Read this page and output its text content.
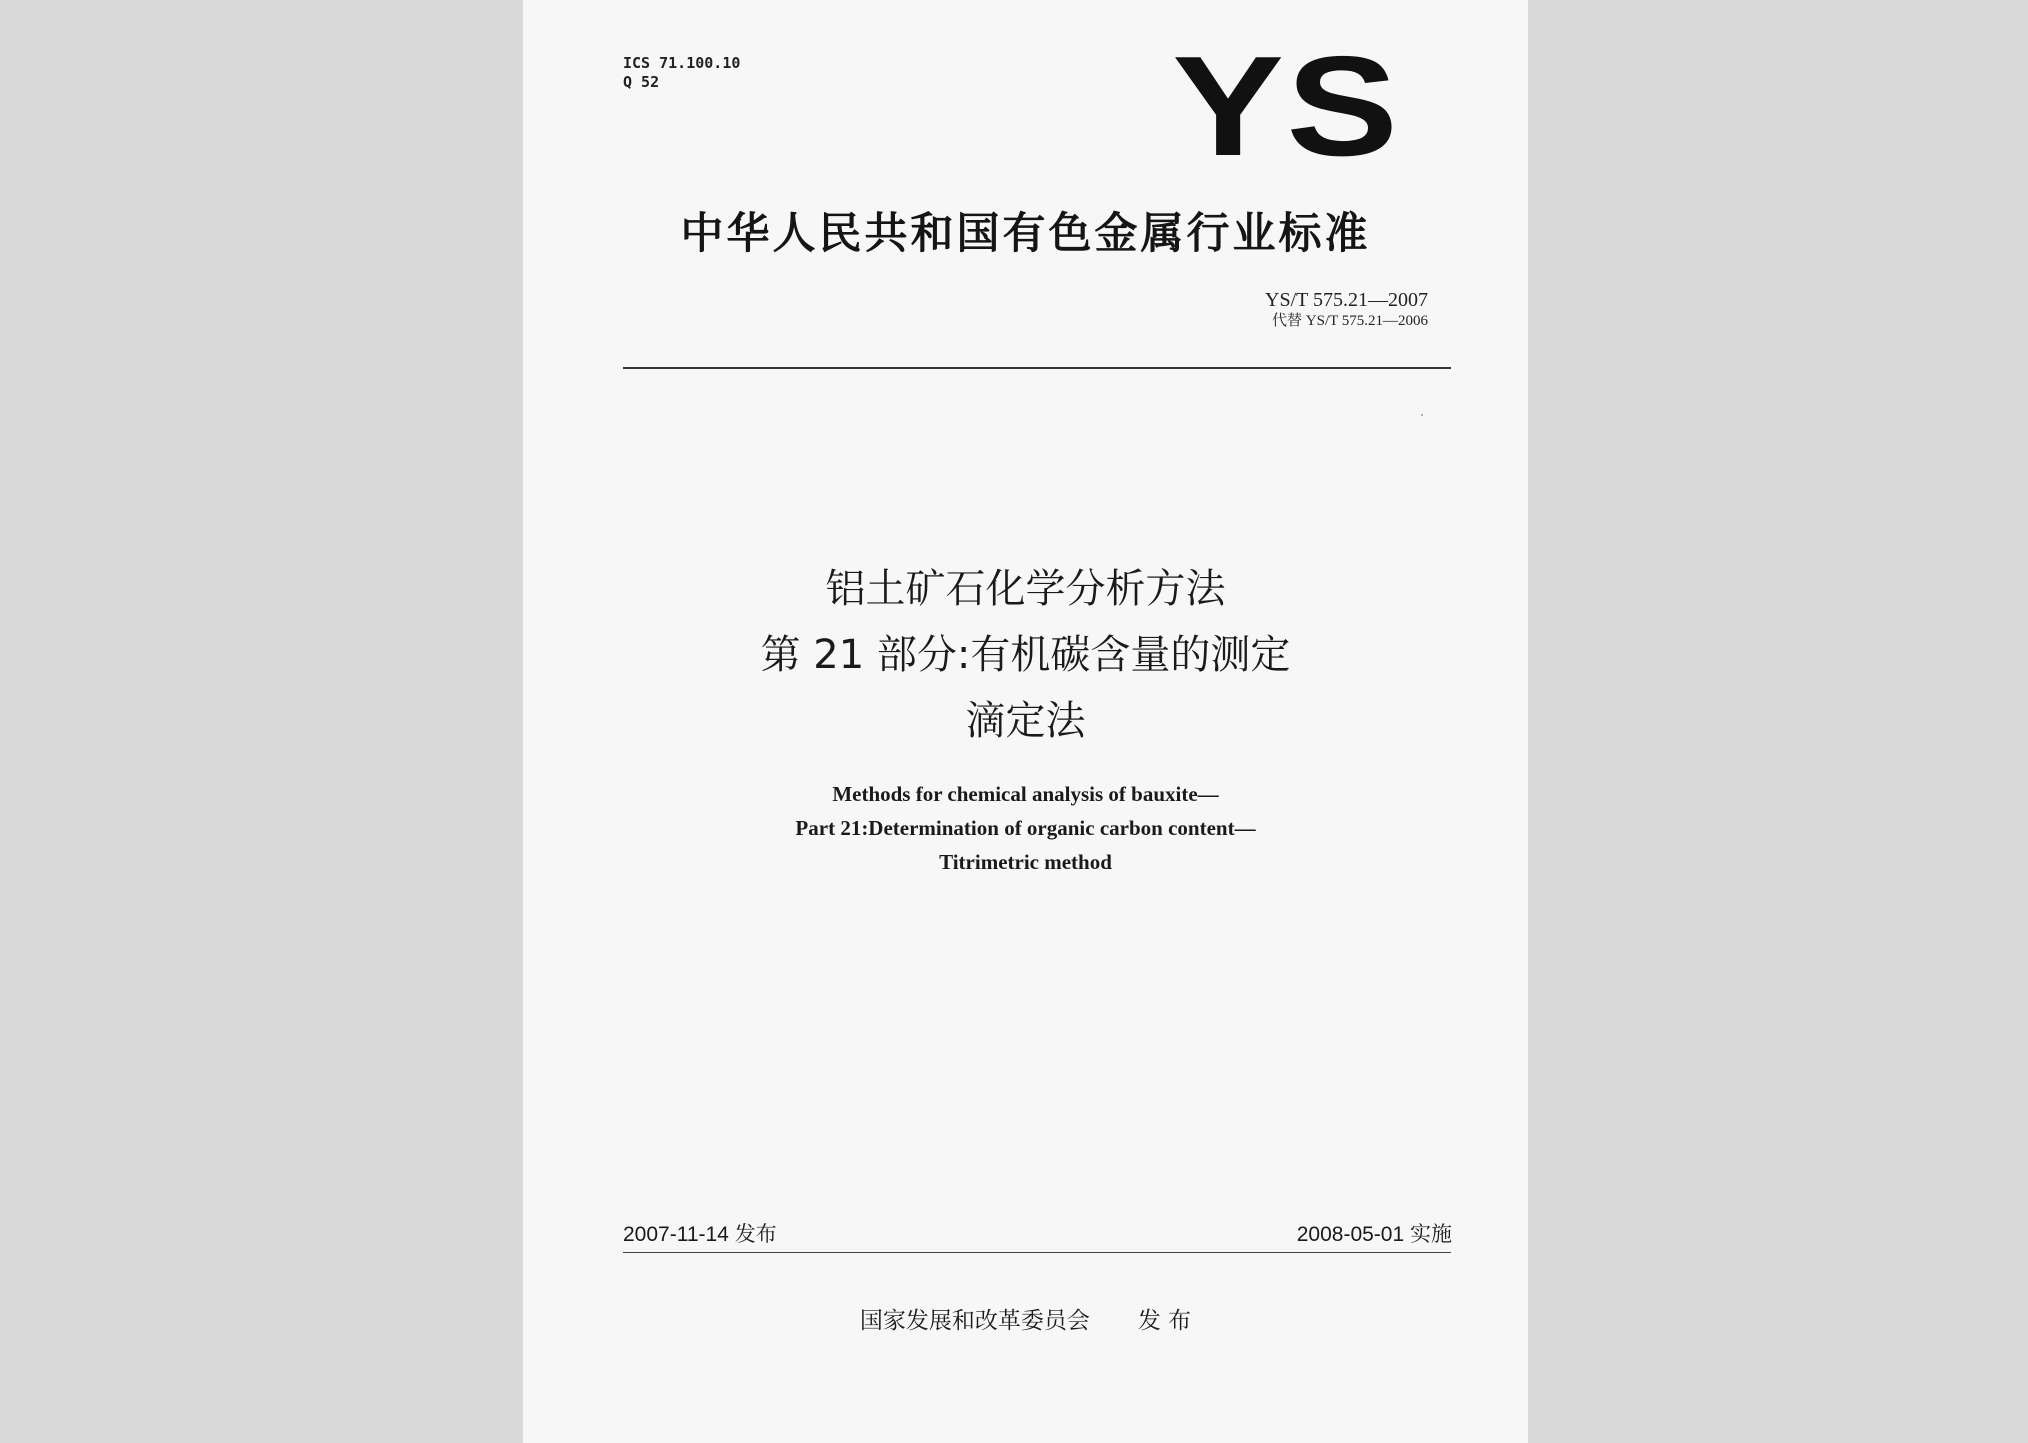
ICS 71.100.10
Q 52	YS
中华人民共和国有色金属行业标准
YS/T 575.21—2007
代替 YS/T 575.21—2006
铝土矿石化学分析方法
第 21 部分:有机碳含量的测定
滴定法
Methods for chemical analysis of bauxite—
Part 21:Determination of organic carbon content—
Titrimetric method
2007-11-14 发布	2008-05-01 实施
国家发展和改革委员会 发 布
